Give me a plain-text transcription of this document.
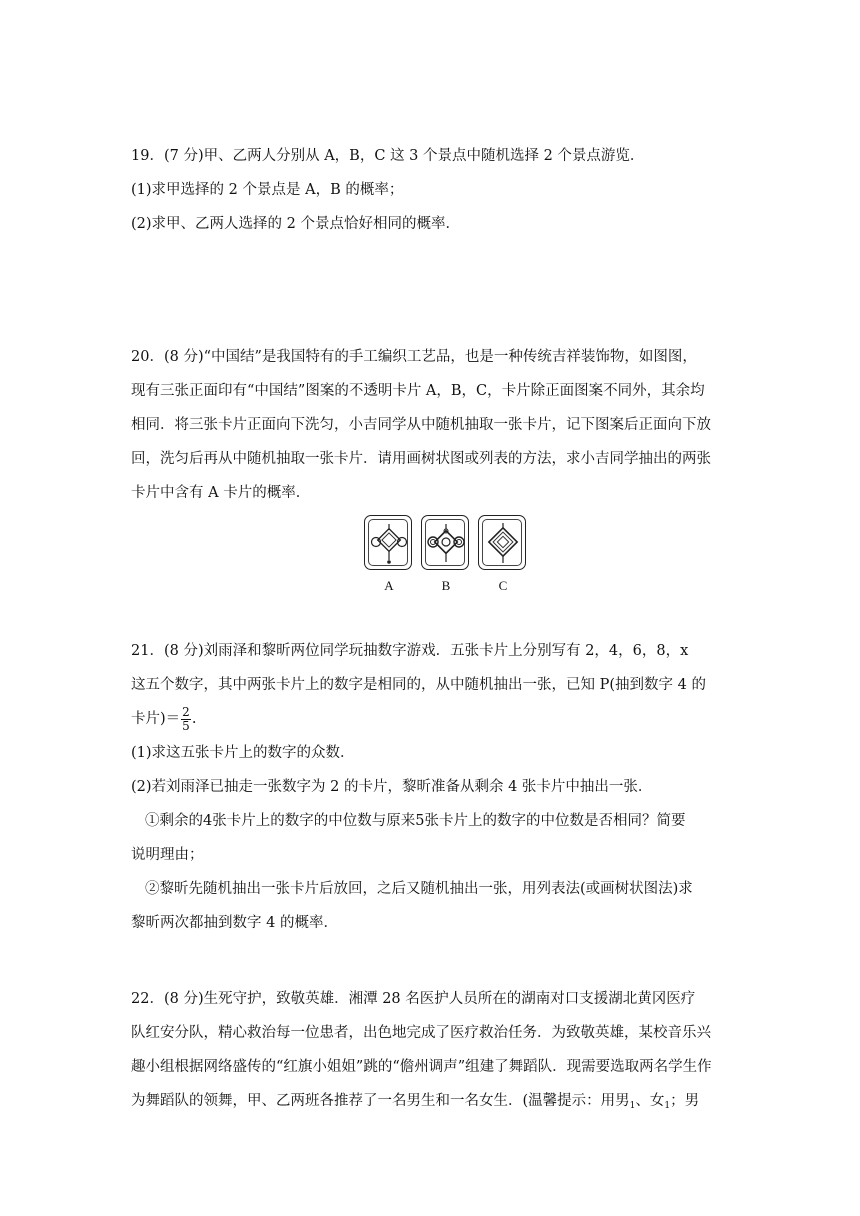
19．(7 分)甲、乙两人分别从 A，B，C 这 3 个景点中随机选择 2 个景点游览．
(1)求甲选择的 2 个景点是 A，B 的概率；
(2)求甲、乙两人选择的 2 个景点恰好相同的概率．
20．(8 分)“中国结”是我国特有的手工编织工艺品，也是一种传统吉祥装饰物，如图图，
现有三张正面印有“中国结”图案的不透明卡片 A，B，C，卡片除正面图案不同外，其余均
相同．将三张卡片正面向下洗匀，小吉同学从中随机抽取一张卡片，记下图案后正面向下放
回，洗匀后再从中随机抽取一张卡片．请用画树状图或列表的方法，求小吉同学抽出的两张
卡片中含有 A 卡片的概率．
A	B	C
21．(8 分)刘雨泽和黎昕两位同学玩抽数字游戏．五张卡片上分别写有 2，4，6，8，x
这五个数字，其中两张卡片上的数字是相同的，从中随机抽出一张，已知 P(抽到数字 4 的
卡片)＝ $\frac{2}{5}$ .
(1)求这五张卡片上的数字的众数．
(2)若刘雨泽已抽走一张数字为 2 的卡片，黎昕准备从剩余 4 张卡片中抽出一张．
①剩余的4张卡片上的数字的中位数与原来5张卡片上的数字的中位数是否相同？简要
说明理由；
②黎昕先随机抽出一张卡片后放回，之后又随机抽出一张，用列表法(或画树状图法)求
黎昕两次都抽到数字 4 的概率．
22．(8 分)生死守护，致敬英雄．湘潭 28 名医护人员所在的湖南对口支援湖北黄冈医疗
队红安分队，精心救治每一位患者，出色地完成了医疗救治任务．为致敬英雄，某校音乐兴
趣小组根据网络盛传的“红旗小姐姐”跳的“儋州调声”组建了舞蹈队．现需要选取两名学生作
为舞蹈队的领舞，甲、乙两班各推荐了一名男生和一名女生．(温馨提示：用男$_1$、女$_1$；男
